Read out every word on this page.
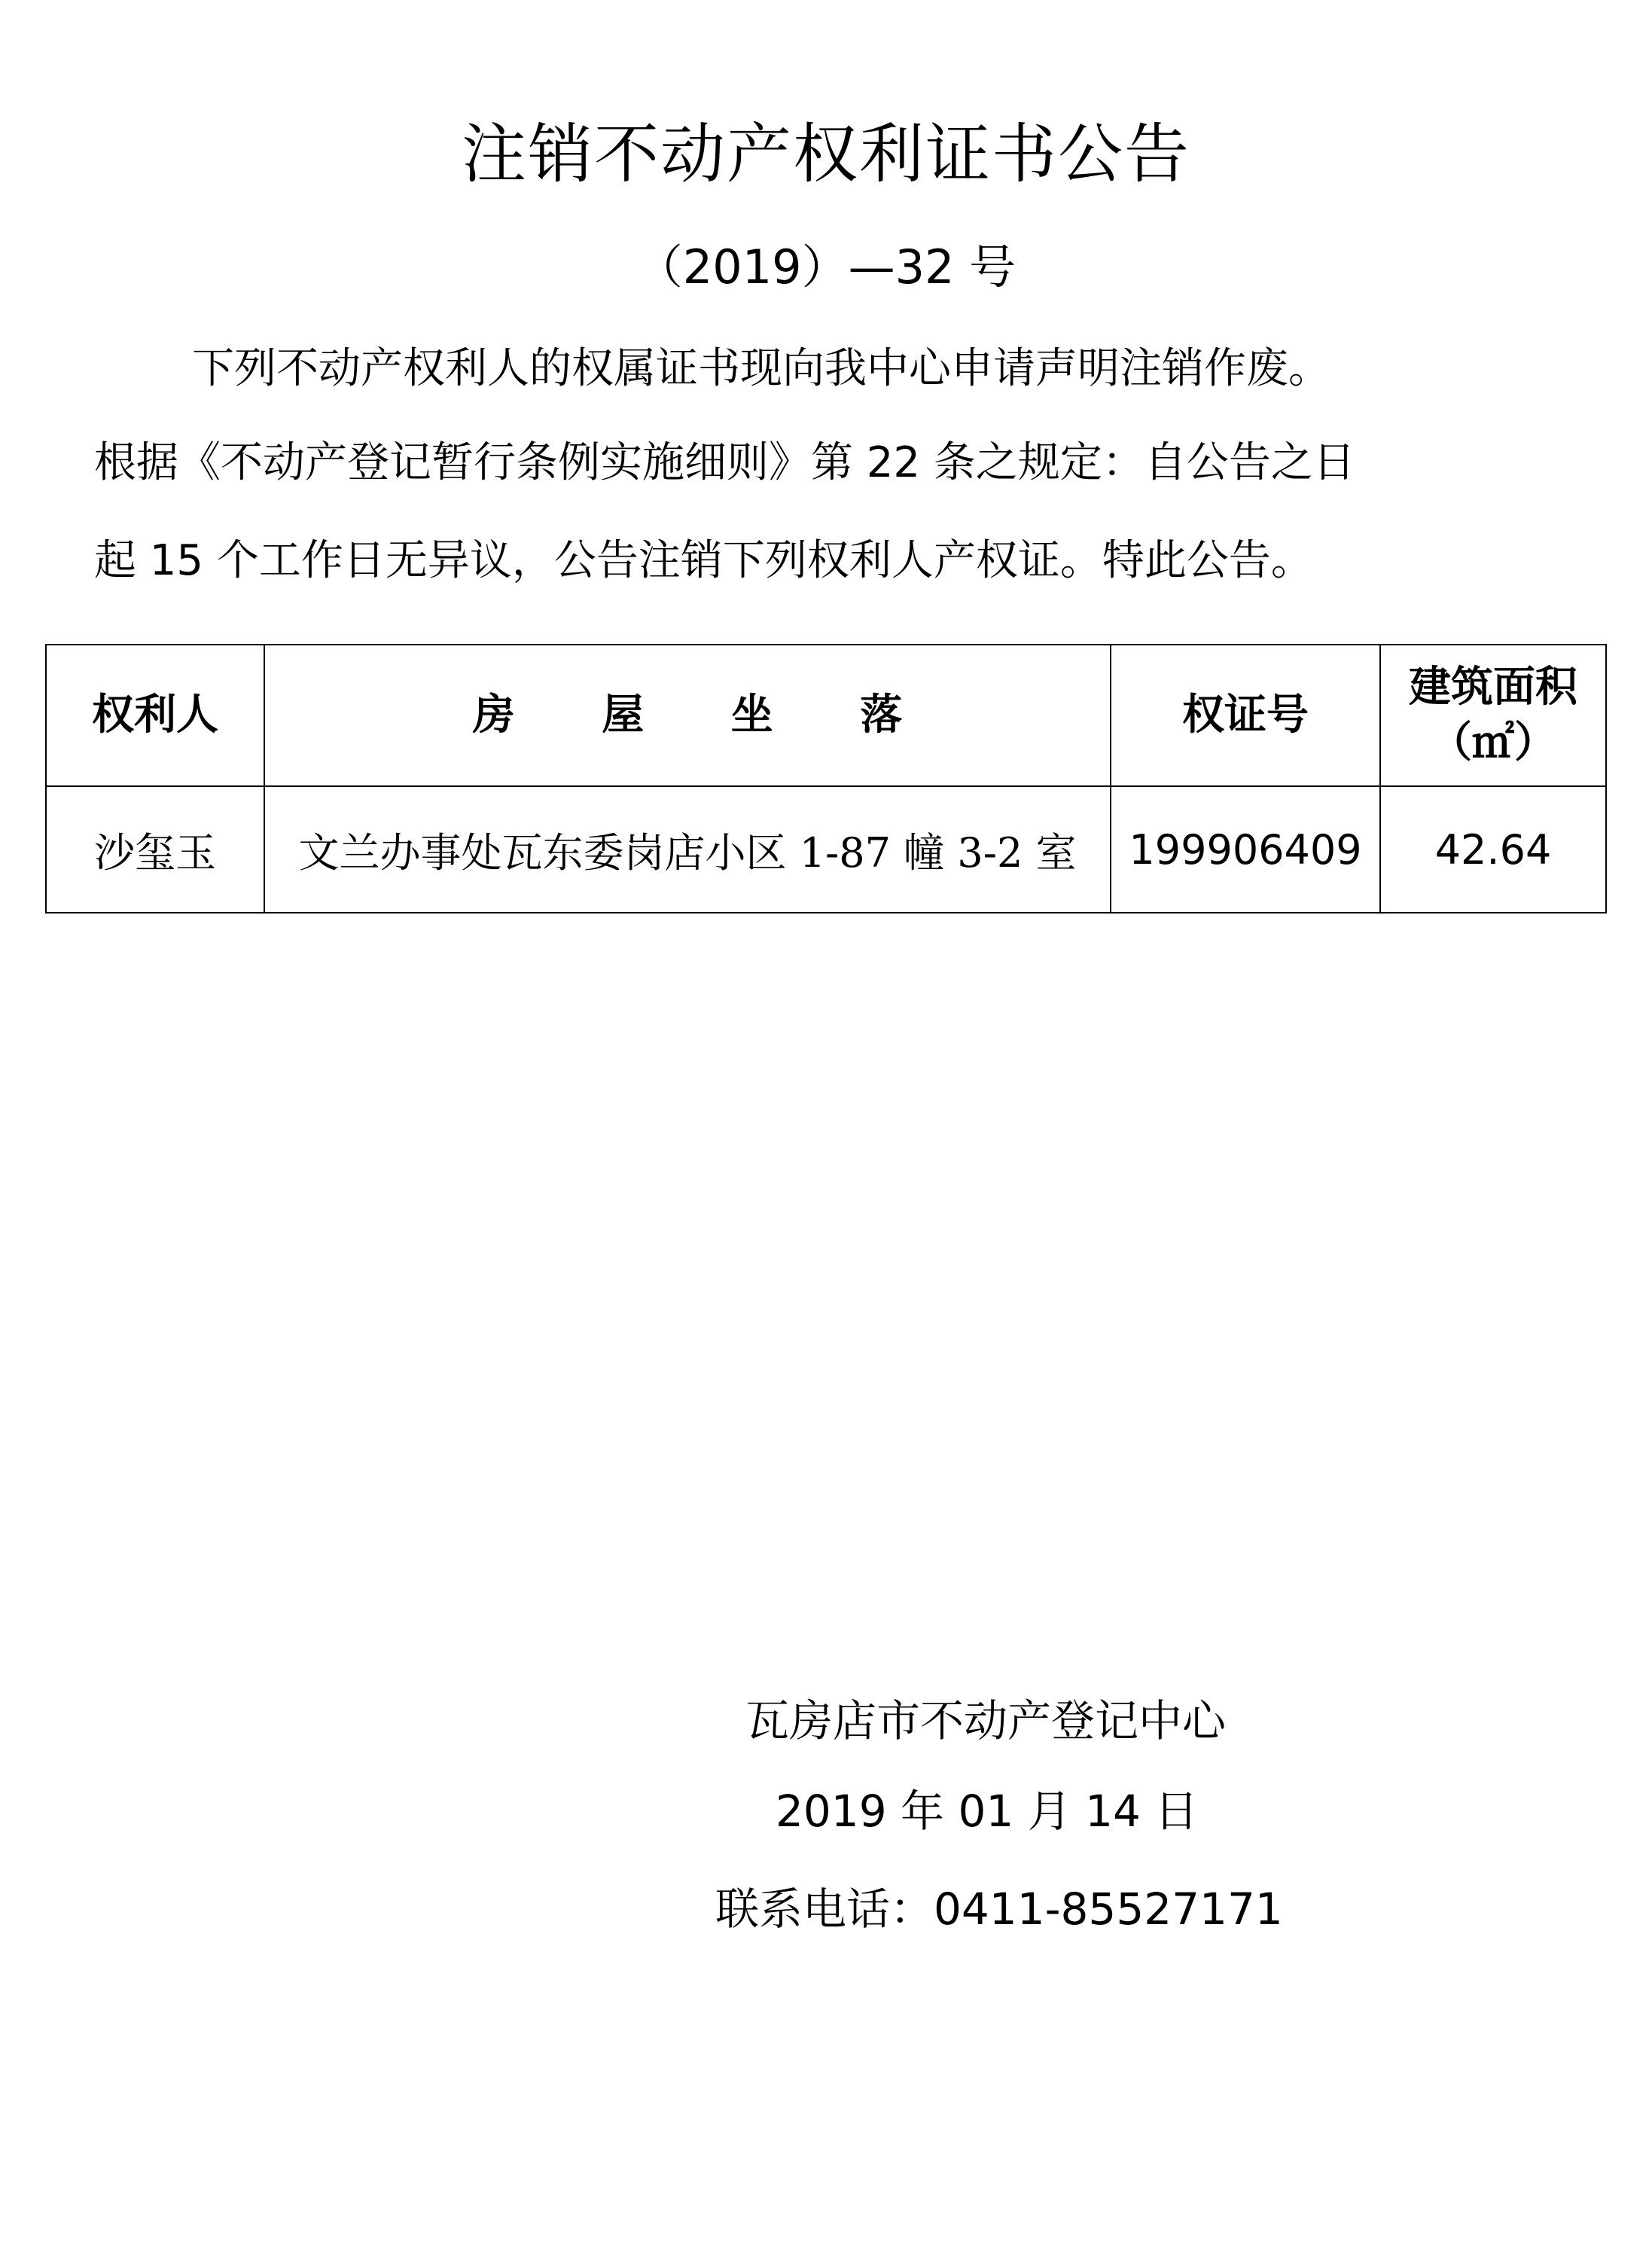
注销不动产权利证书公告
（2019）—32 号
下列不动产权利人的权属证书现向我中心申请声明注销作废。
根据《不动产登记暂行条例实施细则》第 22 条之规定：自公告之日
起 15 个工作日无异议，公告注销下列权利人产权证。特此公告。
权利人	房 屋 坐 落	权证号	建筑面积
（㎡）

沙玺玉	文兰办事处瓦东委岗店小区 1-87 幢 3-2 室	199906409	42.64
瓦房店市不动产登记中心
2019 年 01 月 14 日
联系电话：0411-85527171
